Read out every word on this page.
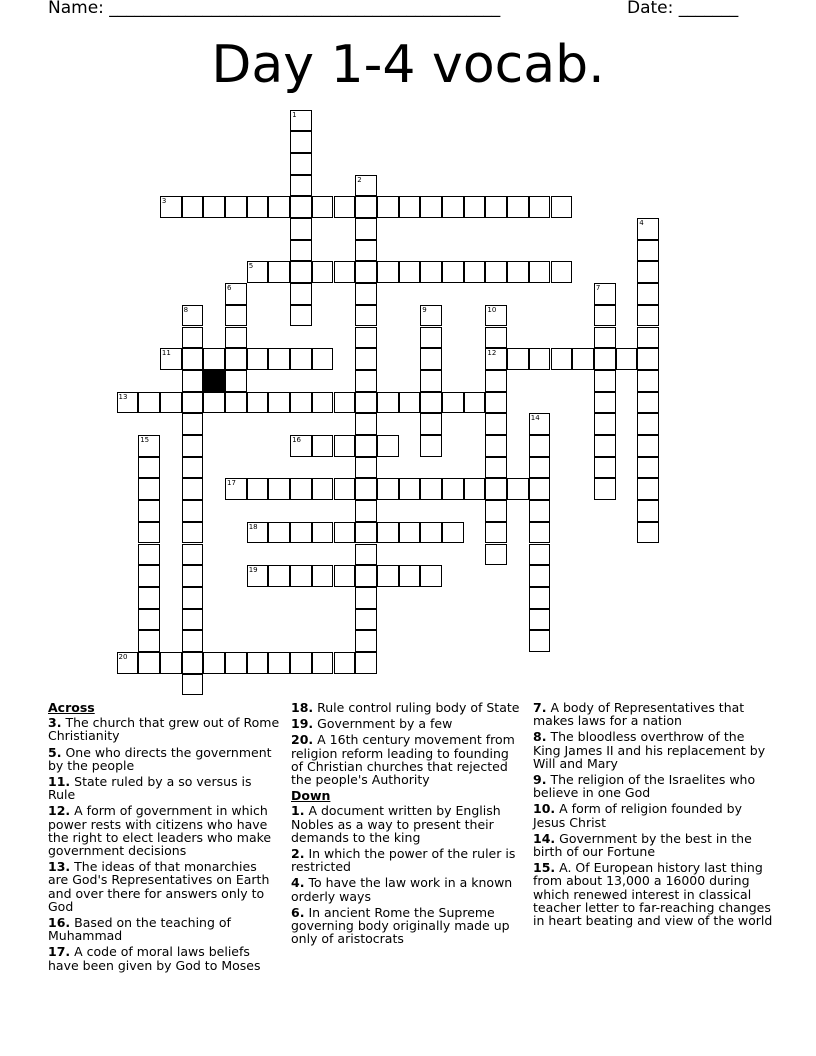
Name: ______________________________________________	Date: _______
Day 1-4 vocab.
3
5
11	12
13
16
17
18
19
20
1
2
4
6	7
8	9	10
14
15
Across
3. The church that grew out of Rome Christianity
5. One who directs the government by the people
11. State ruled by a so versus is Rule
12. A form of government in which power rests with citizens who have the right to elect leaders who make government decisions
13. The ideas of that monarchies are God's Representatives on Earth and over there for answers only to God
16. Based on the teaching of Muhammad
17. A code of moral laws beliefs have been given by God to Moses
18. Rule control ruling body of State
19. Government by a few
20. A 16th century movement from religion reform leading to founding of Christian churches that rejected the people's Authority
Down
1. A document written by English Nobles as a way to present their demands to the king
2. In which the power of the ruler is restricted
4. To have the law work in a known orderly ways
6. In ancient Rome the Supreme governing body originally made up only of aristocrats
7. A body of Representatives that makes laws for a nation
8. The bloodless overthrow of the King James II and his replacement by Will and Mary
9. The religion of the Israelites who believe in one God
10. A form of religion founded by Jesus Christ
14. Government by the best in the birth of our Fortune
15. A. Of European history last thing from about 13,000 a 16000 during which renewed interest in classical teacher letter to far-reaching changes in heart beating and view of the world
